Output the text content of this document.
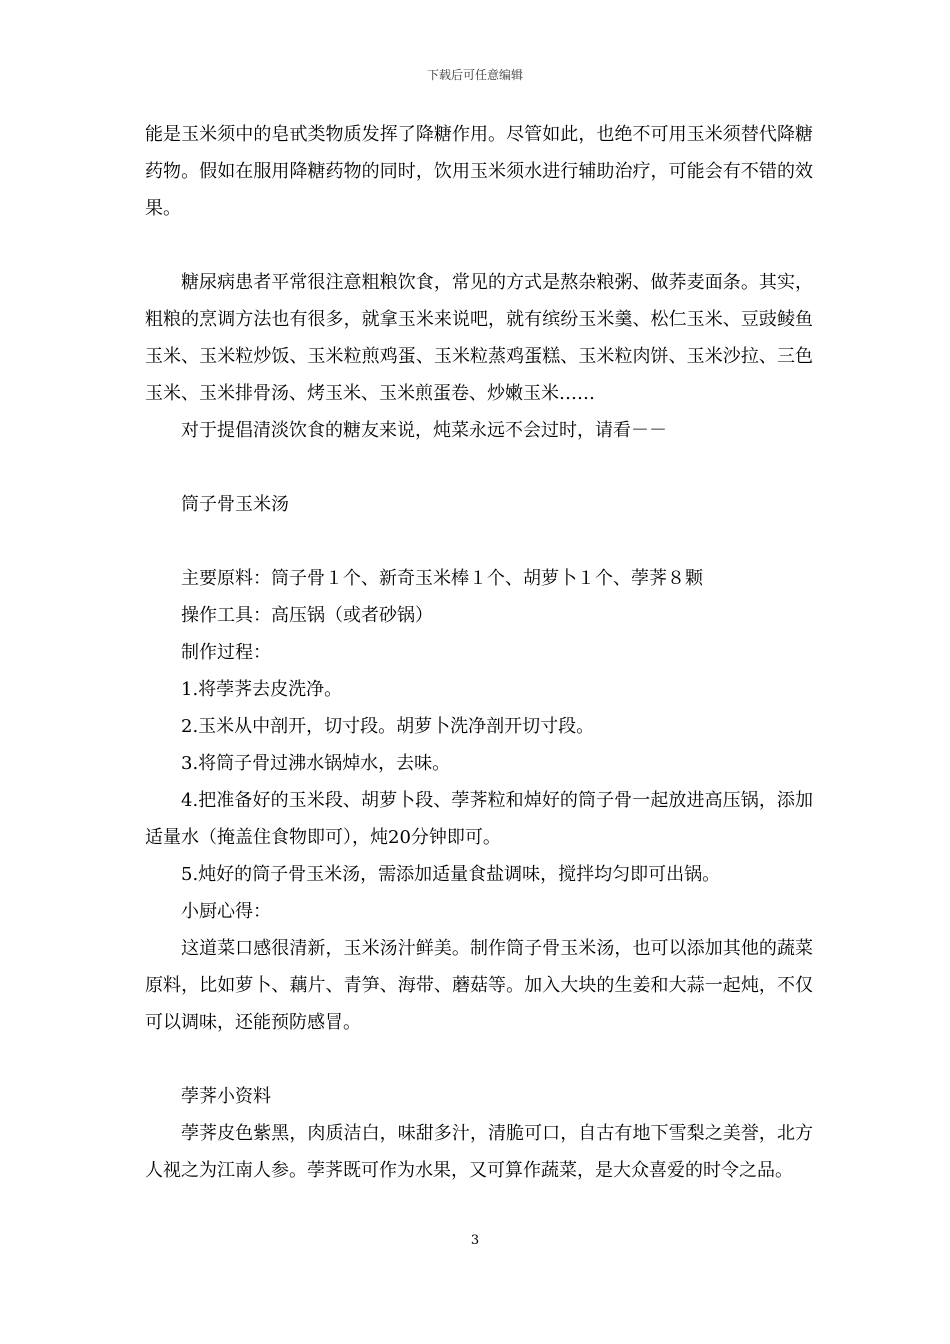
下载后可任意编辑

能是玉米须中的皂甙类物质发挥了降糖作用。尽管如此，也绝不可用玉米须替代降糖药物。假如在服用降糖药物的同时，饮用玉米须水进行辅助治疗，可能会有不错的效果。

糖尿病患者平常很注意粗粮饮食，常见的方式是熬杂粮粥、做荞麦面条。其实，粗粮的烹调方法也有很多，就拿玉米来说吧，就有缤纷玉米羹、松仁玉米、豆豉鲮鱼玉米、玉米粒炒饭、玉米粒煎鸡蛋、玉米粒蒸鸡蛋糕、玉米粒肉饼、玉米沙拉、三色玉米、玉米排骨汤、烤玉米、玉米煎蛋卷、炒嫩玉米……

对于提倡清淡饮食的糖友来说，炖菜永远不会过时，请看－－

筒子骨玉米汤

主要原料：筒子骨１个、新奇玉米棒１个、胡萝卜１个、荸荠８颗

操作工具：高压锅（或者砂锅）

制作过程：

1.将荸荠去皮洗净。

2.玉米从中剖开，切寸段。胡萝卜洗净剖开切寸段。

3.将筒子骨过沸水锅焯水，去味。

4.把准备好的玉米段、胡萝卜段、荸荠粒和焯好的筒子骨一起放进高压锅，添加适量水（掩盖住食物即可），炖20分钟即可。

5.炖好的筒子骨玉米汤，需添加适量食盐调味，搅拌均匀即可出锅。

小厨心得：

这道菜口感很清新，玉米汤汁鲜美。制作筒子骨玉米汤，也可以添加其他的蔬菜原料，比如萝卜、藕片、青笋、海带、蘑菇等。加入大块的生姜和大蒜一起炖，不仅可以调味，还能预防感冒。

荸荠小资料

荸荠皮色紫黑，肉质洁白，味甜多汁，清脆可口，自古有地下雪梨之美誉，北方人视之为江南人参。荸荠既可作为水果，又可算作蔬菜，是大众喜爱的时令之品。

3
